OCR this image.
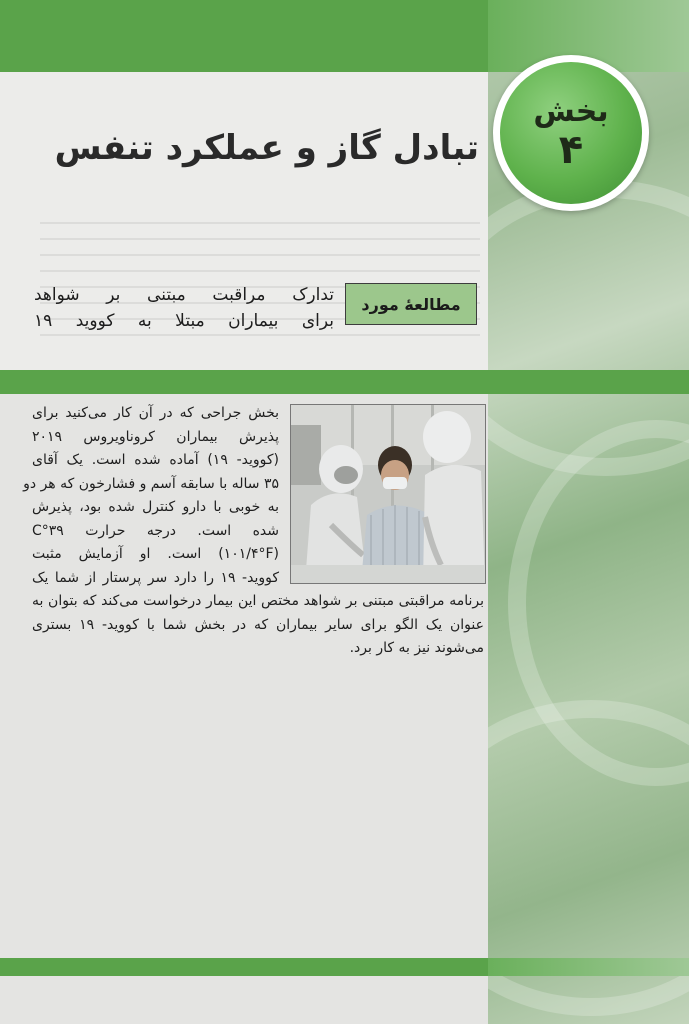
بخش
۴
تبادل گاز و عملکرد تنفس
مطالعهٔ مورد
تدارک مراقبت مبتنی بر شواهد
برای بیماران مبتلا به کووید ۱۹
بخش جراحی که در آن کار می‌کنید برای
پذیرش بیماران کروناویروس ۲۰۱۹
(کووید- ۱۹) آماده شده است. یک آقای
۳۵ ساله با سابقه آسم و فشارخون که هر دو
به خوبی با دارو کنترل شده بود، پذیرش
شده است. درجه حرارت ۳۹°C
(۱۰۱/۴°F) است. او آزمایش مثبت
کووید- ۱۹ را دارد سر پرستار از شما یک
برنامه مراقبتی مبتنی بر شواهد مختص این بیمار درخواست می‌کند که بتوان به
عنوان یک الگو برای سایر بیماران که در بخش شما با کووید- ۱۹ بستری
می‌شوند نیز به کار برد.
